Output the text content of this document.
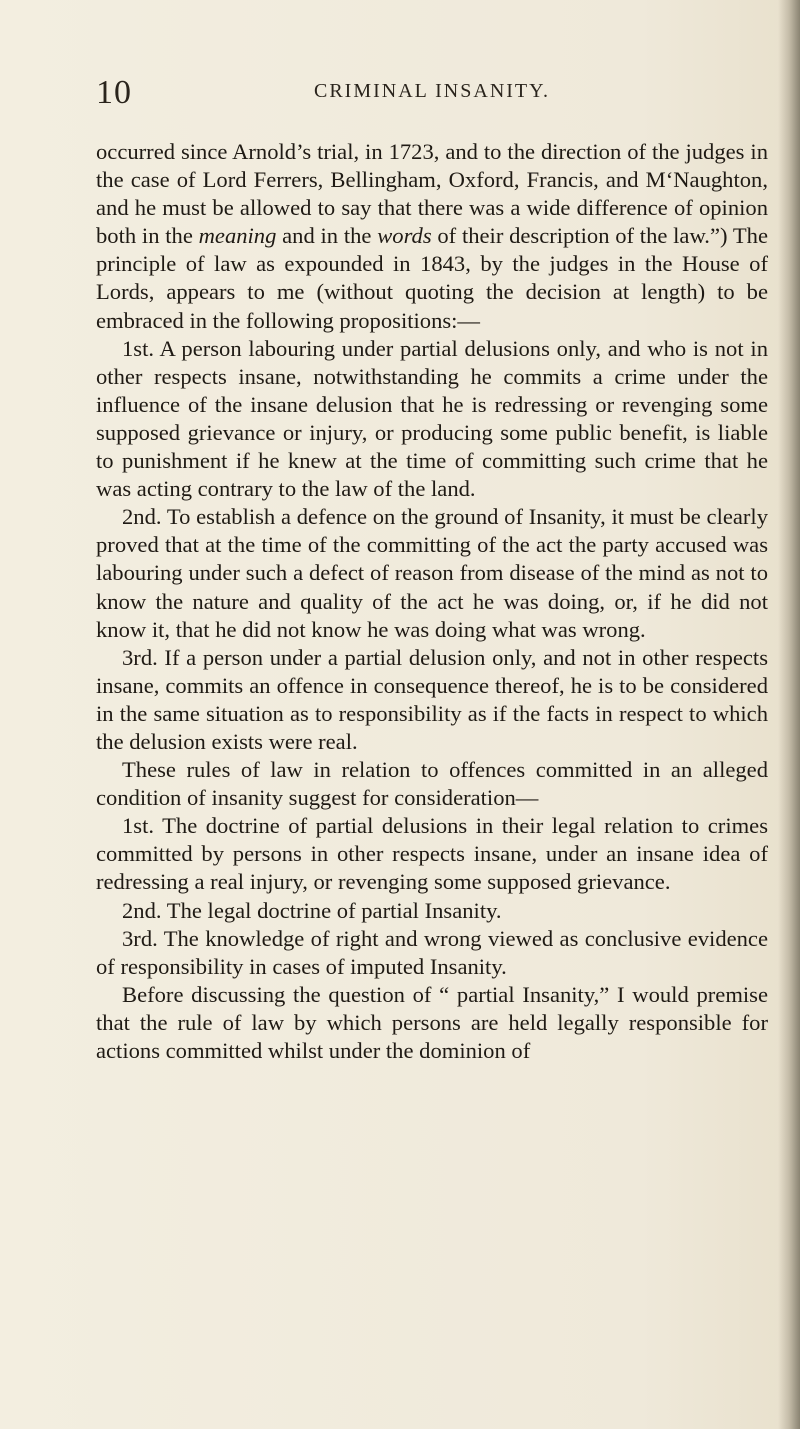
10	CRIMINAL INSANITY.

occurred since Arnold’s trial, in 1723, and to the direction of the judges in the case of Lord Ferrers, Bellingham, Oxford, Francis, and M‘Naughton, and he must be allowed to say that there was a wide difference of opinion both in the meaning and in the words of their description of the law.”) The principle of law as expounded in 1843, by the judges in the House of Lords, appears to me (without quoting the decision at length) to be embraced in the following propositions:—

1st. A person labouring under partial delusions only, and who is not in other respects insane, notwithstanding he commits a crime under the influence of the insane delusion that he is redressing or revenging some supposed grievance or injury, or producing some public benefit, is liable to punishment if he knew at the time of committing such crime that he was acting contrary to the law of the land.

2nd. To establish a defence on the ground of Insanity, it must be clearly proved that at the time of the committing of the act the party accused was labouring under such a defect of reason from disease of the mind as not to know the nature and quality of the act he was doing, or, if he did not know it, that he did not know he was doing what was wrong.

3rd. If a person under a partial delusion only, and not in other respects insane, commits an offence in consequence thereof, he is to be considered in the same situation as to responsibility as if the facts in respect to which the delusion exists were real.

These rules of law in relation to offences committed in an alleged condition of insanity suggest for consideration—

1st. The doctrine of partial delusions in their legal relation to crimes committed by persons in other respects insane, under an insane idea of redressing a real injury, or revenging some supposed grievance.

2nd. The legal doctrine of partial Insanity.

3rd. The knowledge of right and wrong viewed as conclusive evidence of responsibility in cases of imputed Insanity.

Before discussing the question of “ partial Insanity,” I would premise that the rule of law by which persons are held legally responsible for actions committed whilst under the dominion of
